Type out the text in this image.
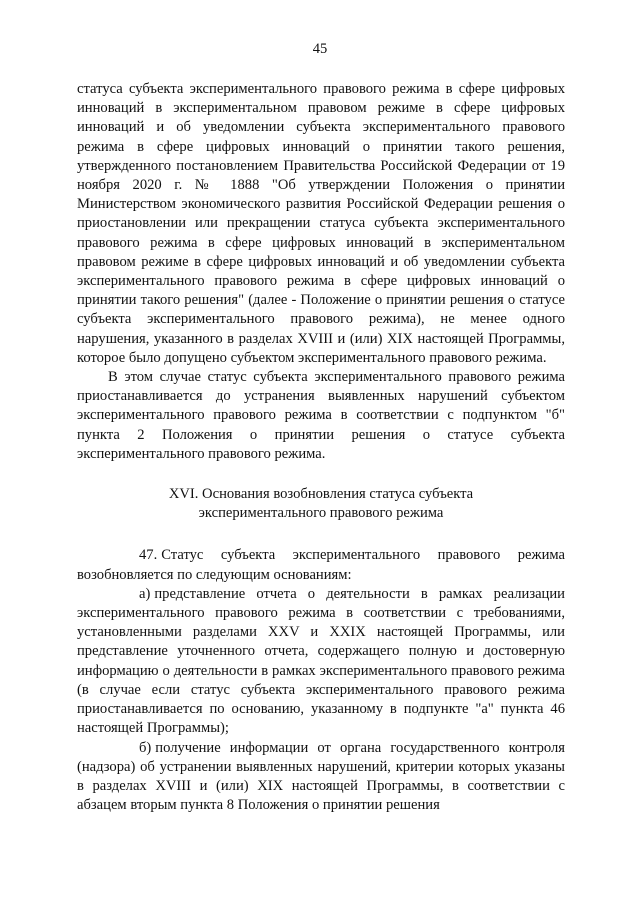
45

статуса субъекта экспериментального правового режима в сфере цифровых инноваций в экспериментальном правовом режиме в сфере цифровых инноваций и об уведомлении субъекта экспериментального правового режима в сфере цифровых инноваций о принятии такого решения, утвержденного постановлением Правительства Российской Федерации от 19 ноября 2020 г. № 1888 "Об утверждении Положения о принятии Министерством экономического развития Российской Федерации решения о приостановлении или прекращении статуса субъекта экспериментального правового режима в сфере цифровых инноваций в экспериментальном правовом режиме в сфере цифровых инноваций и об уведомлении субъекта экспериментального правового режима в сфере цифровых инноваций о принятии такого решения" (далее - Положение о принятии решения о статусе субъекта экспериментального правового режима), не менее одного нарушения, указанного в разделах XVIII и (или) XIX настоящей Программы, которое было допущено субъектом экспериментального правового режима.

В этом случае статус субъекта экспериментального правового режима приостанавливается до устранения выявленных нарушений субъектом экспериментального правового режима в соответствии с подпунктом "б" пункта 2 Положения о принятии решения о статусе субъекта экспериментального правового режима.

XVI. Основания возобновления статуса субъекта
экспериментального правового режима

47. Статус субъекта экспериментального правового режима возобновляется по следующим основаниям:

а) представление отчета о деятельности в рамках реализации экспериментального правового режима в соответствии с требованиями, установленными разделами XXV и XXIX настоящей Программы, или представление уточненного отчета, содержащего полную и достоверную информацию о деятельности в рамках экспериментального правового режима (в случае если статус субъекта экспериментального правового режима приостанавливается по основанию, указанному в подпункте "а" пункта 46 настоящей Программы);

б) получение информации от органа государственного контроля (надзора) об устранении выявленных нарушений, критерии которых указаны в разделах XVIII и (или) XIX настоящей Программы, в соответствии с абзацем вторым пункта 8 Положения о принятии решения
